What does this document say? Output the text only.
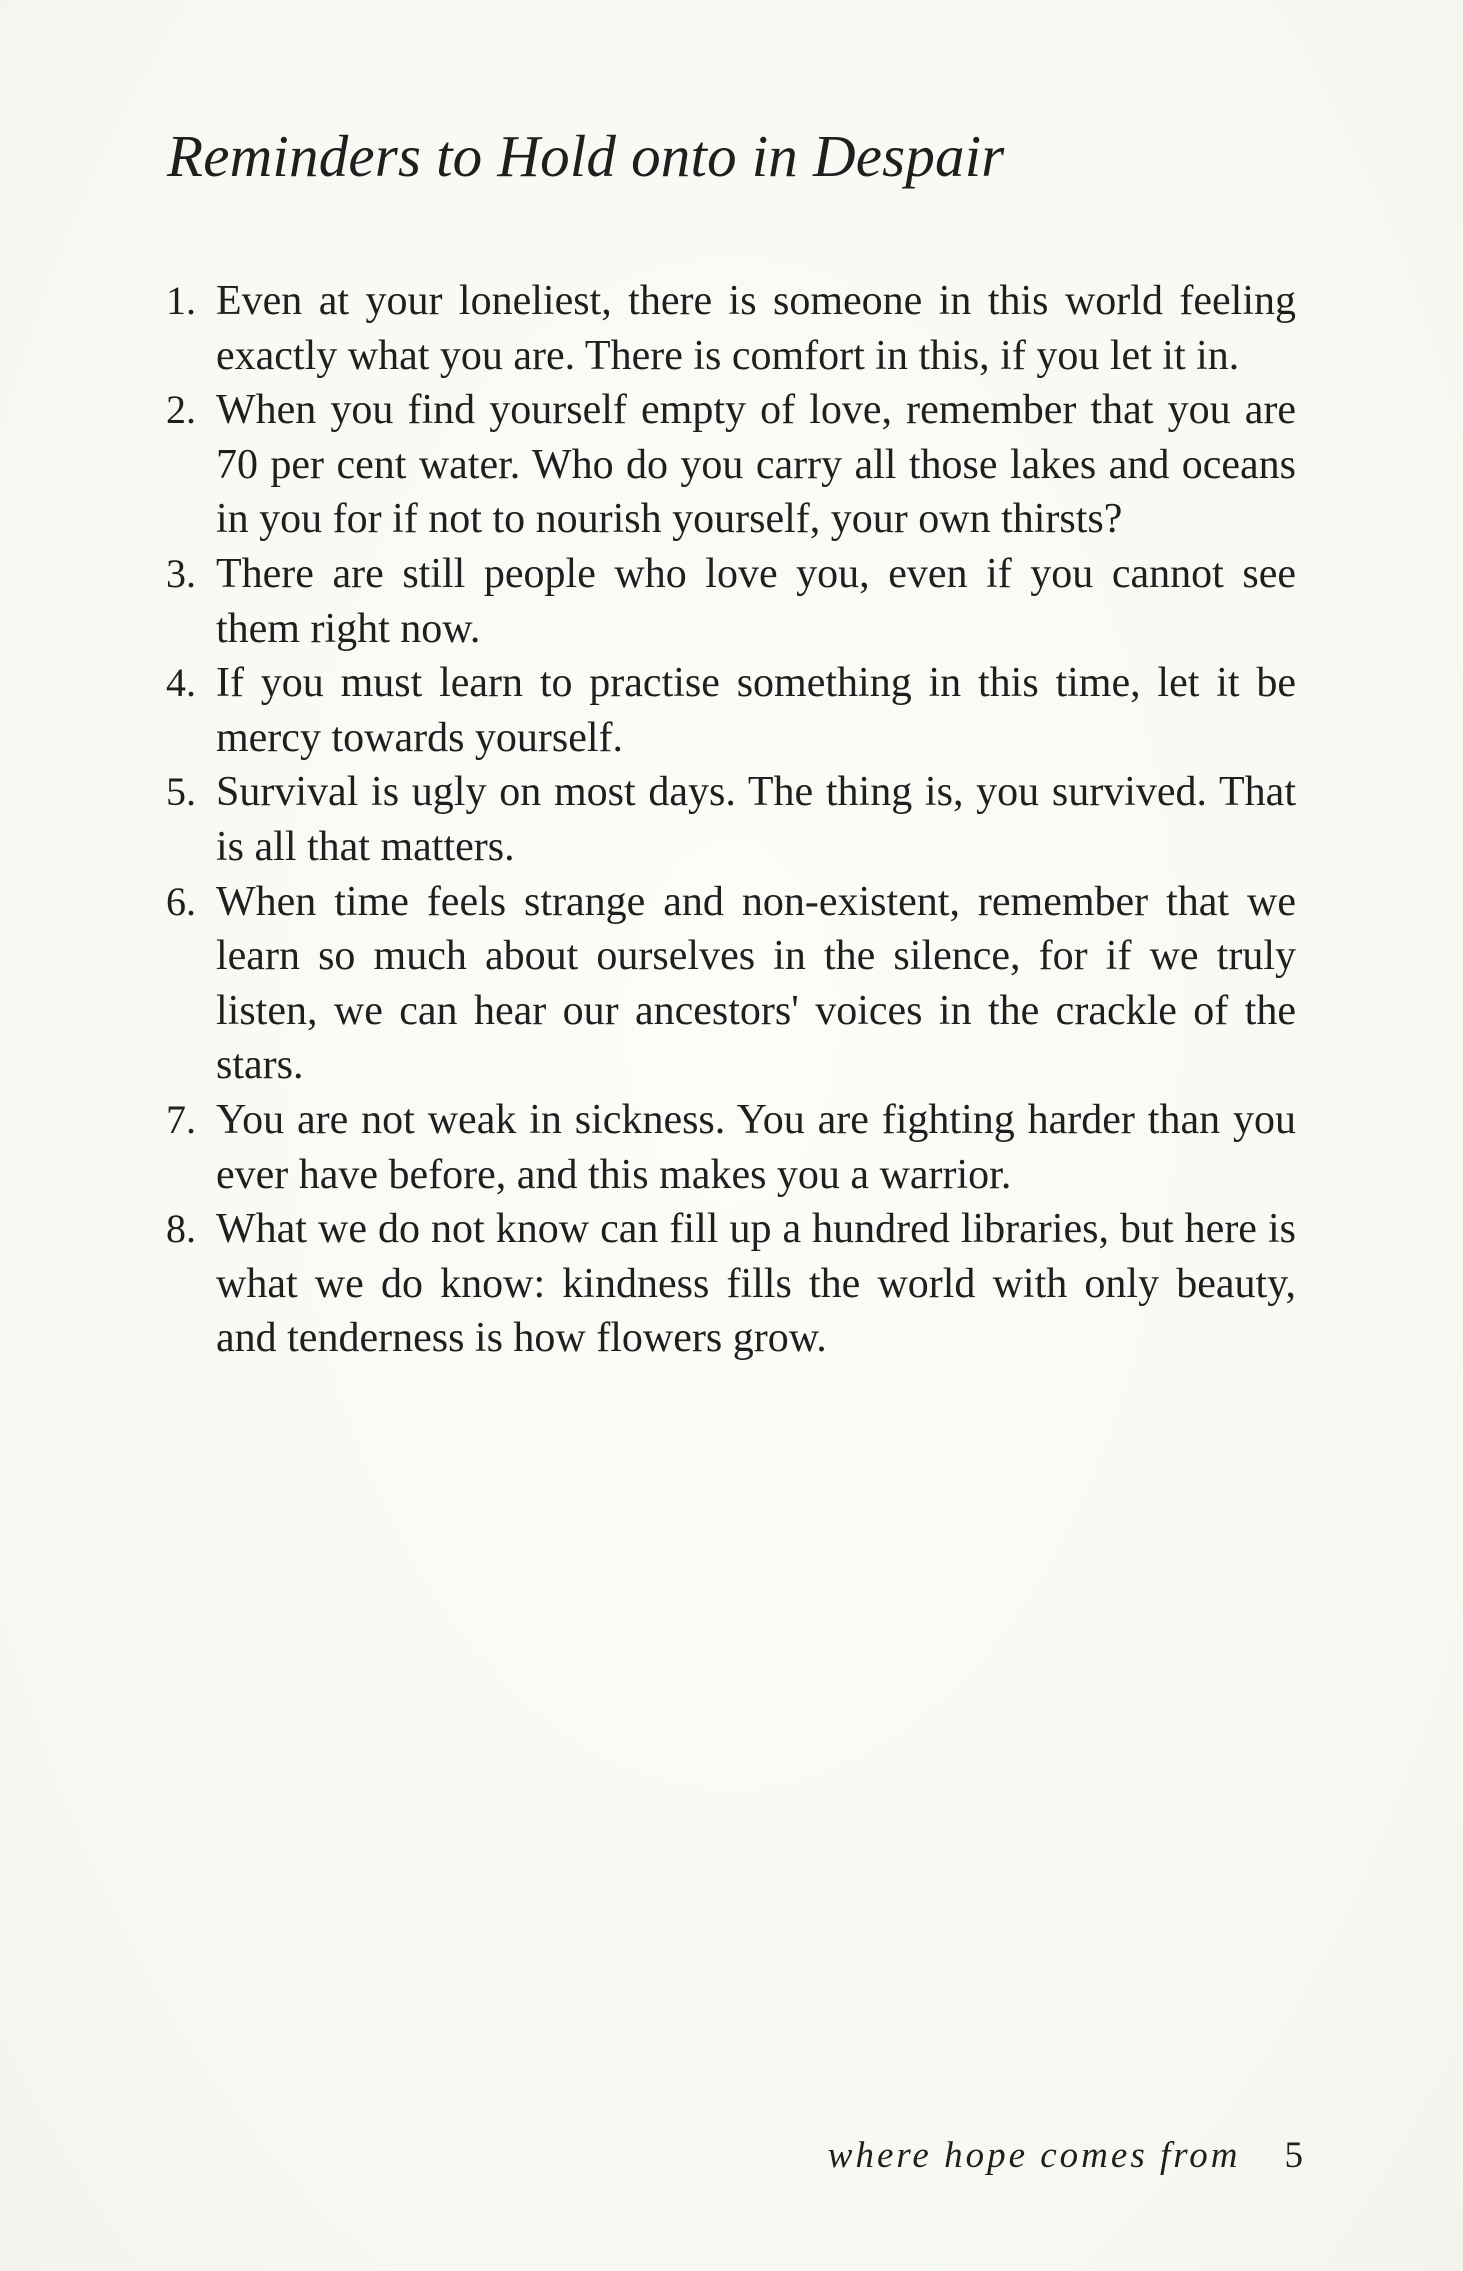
Reminders to Hold onto in Despair
1. Even at your loneliest, there is someone in this world feeling exactly what you are. There is comfort in this, if you let it in.
2. When you find yourself empty of love, remember that you are 70 per cent water. Who do you carry all those lakes and oceans in you for if not to nourish yourself, your own thirsts?
3. There are still people who love you, even if you cannot see them right now.
4. If you must learn to practise something in this time, let it be mercy towards yourself.
5. Survival is ugly on most days. The thing is, you survived. That is all that matters.
6. When time feels strange and non-existent, remember that we learn so much about ourselves in the silence, for if we truly listen, we can hear our ancestors' voices in the crackle of the stars.
7. You are not weak in sickness. You are fighting harder than you ever have before, and this makes you a warrior.
8. What we do not know can fill up a hundred libraries, but here is what we do know: kindness fills the world with only beauty, and tenderness is how flowers grow.
where hope comes from 5
